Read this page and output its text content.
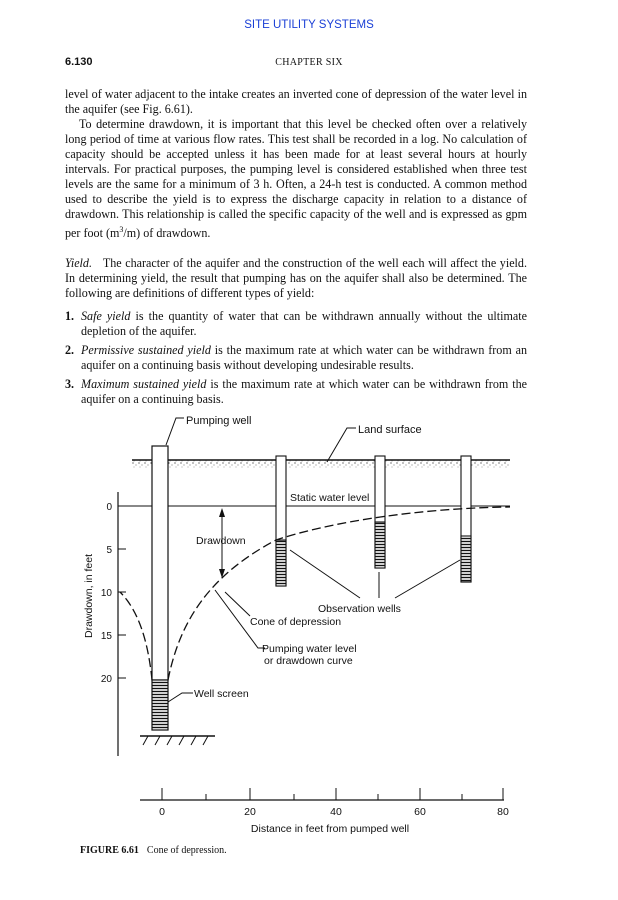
SITE UTILITY SYSTEMS
6.130	CHAPTER SIX

level of water adjacent to the intake creates an inverted cone of depression of the water level in the aquifer (see Fig. 6.61).

To determine drawdown, it is important that this level be checked often over a relatively long period of time at various flow rates. This test shall be recorded in a log. No calculation of capacity should be accepted unless it has been made for at least several hours at hourly intervals. For practical purposes, the pumping level is considered established when three test levels are the same for a minimum of 3 h. Often, a 24-h test is conducted. A common method used to describe the yield is to express the discharge capacity in relation to a distance of drawdown. This relationship is called the specific capacity of the well and is expressed as gpm per foot $(m^3/m)$ of drawdown.

Yield. The character of the aquifer and the construction of the well each will affect the yield. In determining yield, the result that pumping has on the aquifer shall also be determined. The following are definitions of different types of yield:

1. Safe yield is the quantity of water that can be withdrawn annually without the ultimate depletion of the aquifer.
2. Permissive sustained yield is the maximum rate at which water can be withdrawn from an aquifer on a continuing basis without developing undesirable results.
3. Maximum sustained yield is the maximum rate at which water can be withdrawn from the aquifer on a continuing basis.
0
5
10
15
20
Drawdown, in feet
Drawdown
Pumping well
Land surface
Static water level
Observation wells
Cone of depression
Pumping water level
or drawdown curve
Well screen
0	20	40	60	80
Distance in feet from pumped well
FIGURE 6.61 Cone of depression.
